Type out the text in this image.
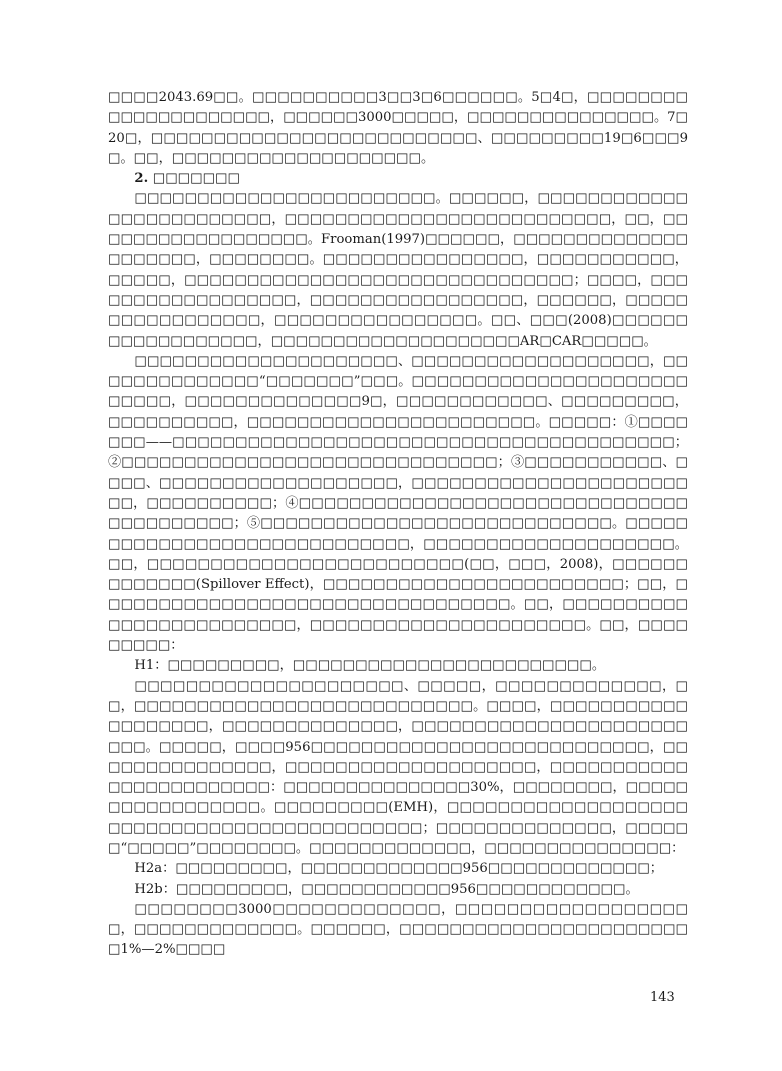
□□□□2043.69□□。□□□□□□□□□□3□□3□6□□□□□□。5□4□，□□□□□□□□□□□□□□□□□□□□□，□□□□□□3000□□□□□，□□□□□□□□□□□□□□□。7□20□，□□□□□□□□□□□□□□□□□□□□□□□□□□、□□□□□□□□□19□6□□□9□。□□，□□□□□□□□□□□□□□□□□□□□。

2. □□□□□□□

□□□□□□□□□□□□□□□□□□□□□□□□。□□□□□□，□□□□□□□□□□□□□□□□□□□□□□□□□，□□□□□□□□□□□□□□□□□□□□□□□□□□，□□，□□□□□□□□□□□□□□□□□□。Frooman(1997)□□□□□□，□□□□□□□□□□□□□□□□□□□□□，□□□□□□□□。□□□□□□□□□□□□□□□□，□□□□□□□□□□□，□□□□□，□□□□□□□□□□□□□□□□□□□□□□□□□□□□□□□；□□□□，□□□□□□□□□□□□□□□□□□，□□□□□□□□□□□□□□□□□，□□□□□□，□□□□□□□□□□□□□□□□□，□□□□□□□□□□□□□□□□。□□、□□□(2008)□□□□□□□□□□□□□□□□□□，□□□□□□□□□□□□□□□□□□□□AR□CAR□□□□□。

□□□□□□□□□□□□□□□□□□□□□、□□□□□□□□□□□□□□□□□□□，□□□□□□□□□□□□□□“□□□□□□□”□□□。□□□□□□□□□□□□□□□□□□□□□□□□□□□，□□□□□□□□□□□□□□9□，□□□□□□□□□□□□、□□□□□□□□□，□□□□□□□□□□，□□□□□□□□□□□□□□□□□□□□□□□。□□□□□：①□□□□□□□——□□□□□□□□□□□□□□□□□□□□□□□□□□□□□□□□□□□□□□□□；②□□□□□□□□□□□□□□□□□□□□□□□□□□□□□□；③□□□□□□□□□□□、□□□□、□□□□□□□□□□□□□□□□□□□，□□□□□□□□□□□□□□□□□□□□□□□□，□□□□□□□□□□；④□□□□□□□□□□□□□□□□□□□□□□□□□□□□□□□□□□□□□□□□□；⑤□□□□□□□□□□□□□□□□□□□□□□□□□□□□。□□□□□□□□□□□□□□□□□□□□□□□□□□□□□，□□□□□□□□□□□□□□□□□□□□。□□，□□□□□□□□□□□□□□□□□□□□□□□□□(□□，□□□，2008)，□□□□□□□□□□□□□(Spillover Effect)，□□□□□□□□□□□□□□□□□□□□□□□□；□□，□□□□□□□□□□□□□□□□□□□□□□□□□□□□□□□□□。□□，□□□□□□□□□□□□□□□□□□□□□□□□□，□□□□□□□□□□□□□□□□□□□□□□。□□，□□□□□□□□□：

H1：□□□□□□□□□，□□□□□□□□□□□□□□□□□□□□□□□□。

□□□□□□□□□□□□□□□□□□□□□、□□□□□，□□□□□□□□□□□□□，□□，□□□□□□□□□□□□□□□□□□□□□□□□□□□。□□□□，□□□□□□□□□□□□□□□□□□□，□□□□□□□□□□□□□□，□□□□□□□□□□□□□□□□□□□□□□□□□。□□□□□，□□□□956□□□□□□□□□□□□□□□□□□□□□□□□□□□，□□□□□□□□□□□□□□□，□□□□□□□□□□□□□□□□□□□□，□□□□□□□□□□□□□□□□□□□□□□□□：□□□□□□□□□□□□□□□30%，□□□□□□□□，□□□□□□□□□□□□□□□□□。□□□□□□□□□(EMH)，□□□□□□□□□□□□□□□□□□□□□□□□□□□□□□□□□□□□□□□□□□□□；□□□□□□□□□□□□□□，□□□□□□“□□□□□”□□□□□□□□。□□□□□□□□□□□□□，□□□□□□□□□□□□□□□：

H2a：□□□□□□□□□，□□□□□□□□□□□□□956□□□□□□□□□□□□□；

H2b：□□□□□□□□□，□□□□□□□□□□□□956□□□□□□□□□□□□。

□□□□□□□□3000□□□□□□□□□□□□□，□□□□□□□□□□□□□□□□□□□，□□□□□□□□□□□□□。□□□□□□，□□□□□□□□□□□□□□□□□□□□□□□□1%—2%□□□□

143
